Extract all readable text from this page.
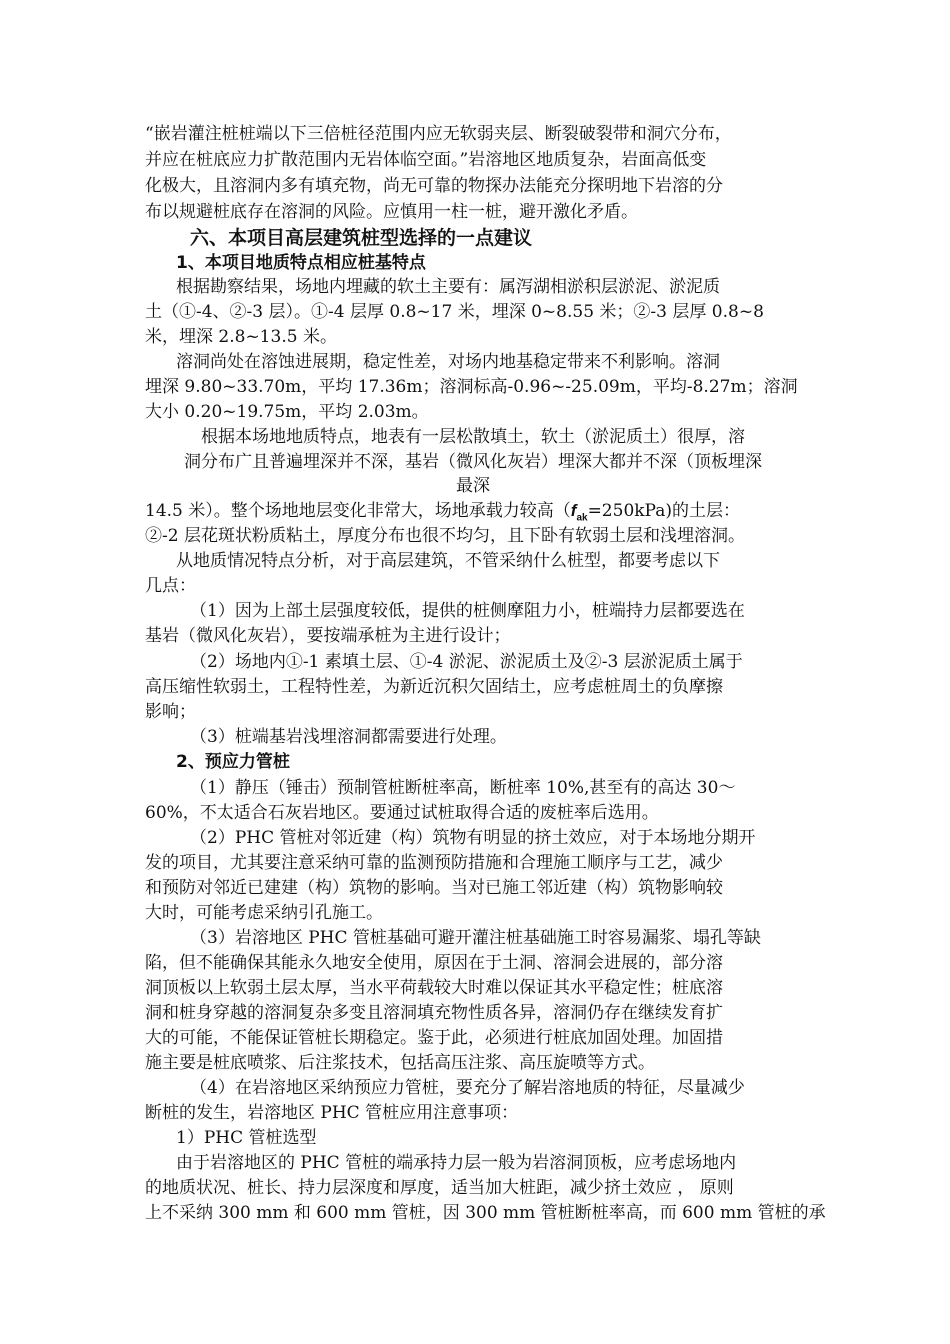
“嵌岩灌注桩桩端以下三倍桩径范围内应无软弱夹层、断裂破裂带和洞穴分布，
并应在桩底应力扩散范围内无岩体临空面。”岩溶地区地质复杂，岩面高低变
化极大，且溶洞内多有填充物，尚无可靠的物探办法能充分探明地下岩溶的分
布以规避桩底存在溶洞的风险。应慎用一柱一桩，避开激化矛盾。
六、本项目高层建筑桩型选择的一点建议
1、本项目地质特点相应桩基特点
根据勘察结果，场地内埋藏的软土主要有：属泻湖相淤积层淤泥、淤泥质
土（①-4、②-3 层）。①-4 层厚 0.8~17 米，埋深 0~8.55 米；②-3 层厚 0.8~8
米，埋深 2.8~13.5 米。
溶洞尚处在溶蚀进展期，稳定性差，对场内地基稳定带来不利影响。溶洞
埋深 9.80~33.70m，平均 17.36m；溶洞标高-0.96~-25.09m，平均-8.27m；溶洞
大小 0.20~19.75m，平均 2.03m。
根据本场地地质特点，地表有一层松散填土，软土（淤泥质土）很厚，溶
洞分布广且普遍埋深并不深，基岩（微风化灰岩）埋深大都并不深（顶板埋深
最深
14.5 米）。整个场地地层变化非常大，场地承载力较高$(f_{ak}=250kPa)$的土层：
②-2 层花斑状粉质粘土，厚度分布也很不均匀，且下卧有软弱土层和浅埋溶洞。
从地质情况特点分析，对于高层建筑，不管采纳什么桩型，都要考虑以下
几点：
（1）因为上部土层强度较低，提供的桩侧摩阻力小，桩端持力层都要选在
基岩（微风化灰岩），要按端承桩为主进行设计；
（2）场地内①-1 素填土层、①-4 淤泥、淤泥质土及②-3 层淤泥质土属于
高压缩性软弱土，工程特性差，为新近沉积欠固结土，应考虑桩周土的负摩擦
影响；
（3）桩端基岩浅埋溶洞都需要进行处理。
2、预应力管桩
（1）静压（锤击）预制管桩断桩率高，断桩率 10%,甚至有的高达 30～
60%，不太适合石灰岩地区。要通过试桩取得合适的废桩率后选用。
（2）PHC 管桩对邻近建（构）筑物有明显的挤土效应，对于本场地分期开
发的项目，尤其要注意采纳可靠的监测预防措施和合理施工顺序与工艺，减少
和预防对邻近已建建（构）筑物的影响。当对已施工邻近建（构）筑物影响较
大时，可能考虑采纳引孔施工。
（3）岩溶地区 PHC 管桩基础可避开灌注桩基础施工时容易漏浆、塌孔等缺
陷，但不能确保其能永久地安全使用，原因在于土洞、溶洞会进展的，部分溶
洞顶板以上软弱土层太厚，当水平荷载较大时难以保证其水平稳定性；桩底溶
洞和桩身穿越的溶洞复杂多变且溶洞填充物性质各异，溶洞仍存在继续发育扩
大的可能，不能保证管桩长期稳定。鉴于此，必须进行桩底加固处理。加固措
施主要是桩底喷浆、后注浆技术，包括高压注浆、高压旋喷等方式。
（4）在岩溶地区采纳预应力管桩，要充分了解岩溶地质的特征，尽量减少
断桩的发生，岩溶地区 PHC 管桩应用注意事项：
1）PHC 管桩选型
由于岩溶地区的 PHC 管桩的端承持力层一般为岩溶洞顶板，应考虑场地内
的地质状况、桩长、持力层深度和厚度，适当加大桩距，减少挤土效应 ， 原则
上不采纳 300 mm 和 600 mm 管桩，因 300 mm 管桩断桩率高，而 600 mm 管桩的承
